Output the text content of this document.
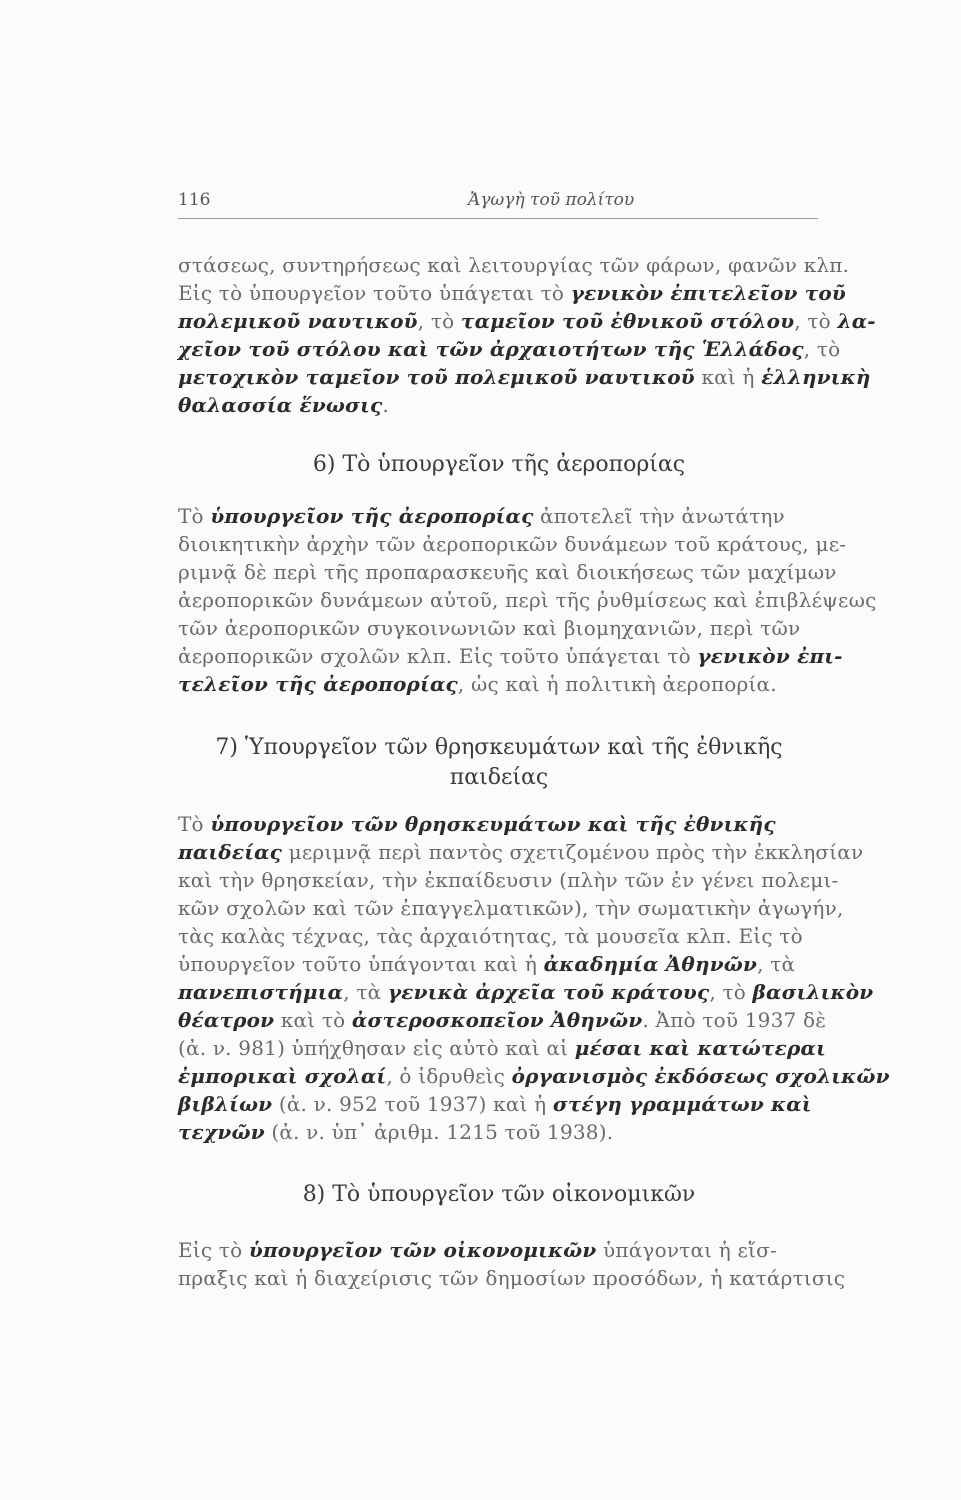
116	Ἀγωγὴ τοῦ πολίτου
στάσεως, συντηρήσεως καὶ λειτουργίας τῶν φάρων, φανῶν κλπ.
Εἰς τὸ ὑπουργεῖον τοῦτο ὑπάγεται τὸ γενικὸν ἐπιτελεῖον τοῦ
πολεμικοῦ ναυτικοῦ, τὸ ταμεῖον τοῦ ἐθνικοῦ στόλου, τὸ λα-
χεῖον τοῦ στόλου καὶ τῶν ἀρχαιοτήτων τῆς Ἑλλάδος, τὸ
μετοχικὸν ταμεῖον τοῦ πολεμικοῦ ναυτικοῦ καὶ ἡ ἑλληνικὴ
θαλασσία ἕνωσις.
6) Τὸ ὑπουργεῖον τῆς ἀεροπορίας
Τὸ ὑπουργεῖον τῆς ἀεροπορίας ἀποτελεῖ τὴν ἀνωτάτην
διοικητικὴν ἀρχὴν τῶν ἀεροπορικῶν δυνάμεων τοῦ κράτους, με-
ριμνᾷ δὲ περὶ τῆς προπαρασκευῆς καὶ διοικήσεως τῶν μαχίμων
ἀεροπορικῶν δυνάμεων αὐτοῦ, περὶ τῆς ῥυθμίσεως καὶ ἐπιβλέψεως
τῶν ἀεροπορικῶν συγκοινωνιῶν καὶ βιομηχανιῶν, περὶ τῶν
ἀεροπορικῶν σχολῶν κλπ. Εἰς τοῦτο ὑπάγεται τὸ γενικὸν ἐπι-
τελεῖον τῆς ἀεροπορίας, ὡς καὶ ἡ πολιτικὴ ἀεροπορία.
7) Ὑπουργεῖον τῶν θρησκευμάτων καὶ τῆς ἐθνικῆς
παιδείας
Τὸ ὑπουργεῖον τῶν θρησκευμάτων καὶ τῆς ἐθνικῆς
παιδείας μεριμνᾷ περὶ παντὸς σχετιζομένου πρὸς τὴν ἐκκλησίαν
καὶ τὴν θρησκείαν, τὴν ἐκπαίδευσιν (πλὴν τῶν ἐν γένει πολεμι-
κῶν σχολῶν καὶ τῶν ἐπαγγελματικῶν), τὴν σωματικὴν ἀγωγήν,
τὰς καλὰς τέχνας, τὰς ἀρχαιότητας, τὰ μουσεῖα κλπ. Εἰς τὸ
ὑπουργεῖον τοῦτο ὑπάγονται καὶ ἡ ἀκαδημία Ἀθηνῶν, τὰ
πανεπιστήμια, τὰ γενικὰ ἀρχεῖα τοῦ κράτους, τὸ βασιλικὸν
θέατρον καὶ τὸ ἀστεροσκοπεῖον Ἀθηνῶν. Ἀπὸ τοῦ 1937 δὲ
(ἀ. ν. 981) ὑπήχθησαν εἰς αὐτὸ καὶ αἱ μέσαι καὶ κατώτεραι
ἐμπορικαὶ σχολαί, ὁ ἱδρυθεὶς ὀργανισμὸς ἐκδόσεως σχολικῶν
βιβλίων (ἀ. ν. 952 τοῦ 1937) καὶ ἡ στέγη γραμμάτων καὶ
τεχνῶν (ἀ. ν. ὑπ᾽ ἀριθμ. 1215 τοῦ 1938).
8) Τὸ ὑπουργεῖον τῶν οἰκονομικῶν
Εἰς τὸ ὑπουργεῖον τῶν οἰκονομικῶν ὑπάγονται ἡ εἴσ-
πραξις καὶ ἡ διαχείρισις τῶν δημοσίων προσόδων, ἡ κατάρτισις
